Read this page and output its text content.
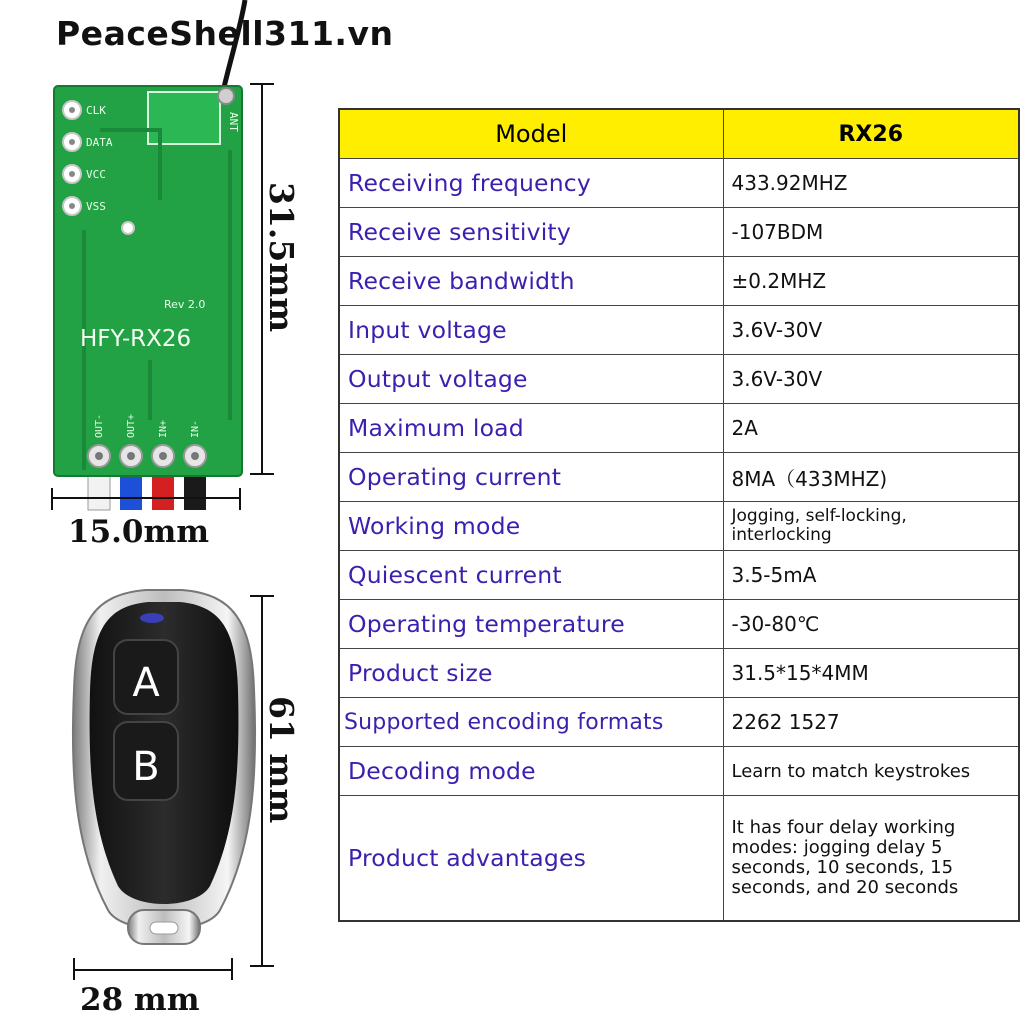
PeaceShell311.vn
CLK
DATA
VCC
VSS
ANT
Rev 2.0
HFY-RX26
OUT- OUT+ IN+ IN-
31.5mm
15.0mm
A
B	61 mm
28 mm
Model	RX26
Receiving frequency	433.92MHZ
Receive sensitivity	-107BDM
Receive bandwidth	±0.2MHZ
Input voltage	3.6V-30V
Output voltage	3.6V-30V
Maximum load	2A
Operating current	8MA（433MHZ)
Working mode	Jogging, self-locking, interlocking
Quiescent current	3.5-5mA
Operating temperature	-30-80℃
Product size	31.5*15*4MM
Supported encoding formats	2262 1527
Decoding mode	Learn to match keystrokes
Product advantages	It has four delay working modes: jogging delay 5 seconds, 10 seconds, 15 seconds, and 20 seconds
